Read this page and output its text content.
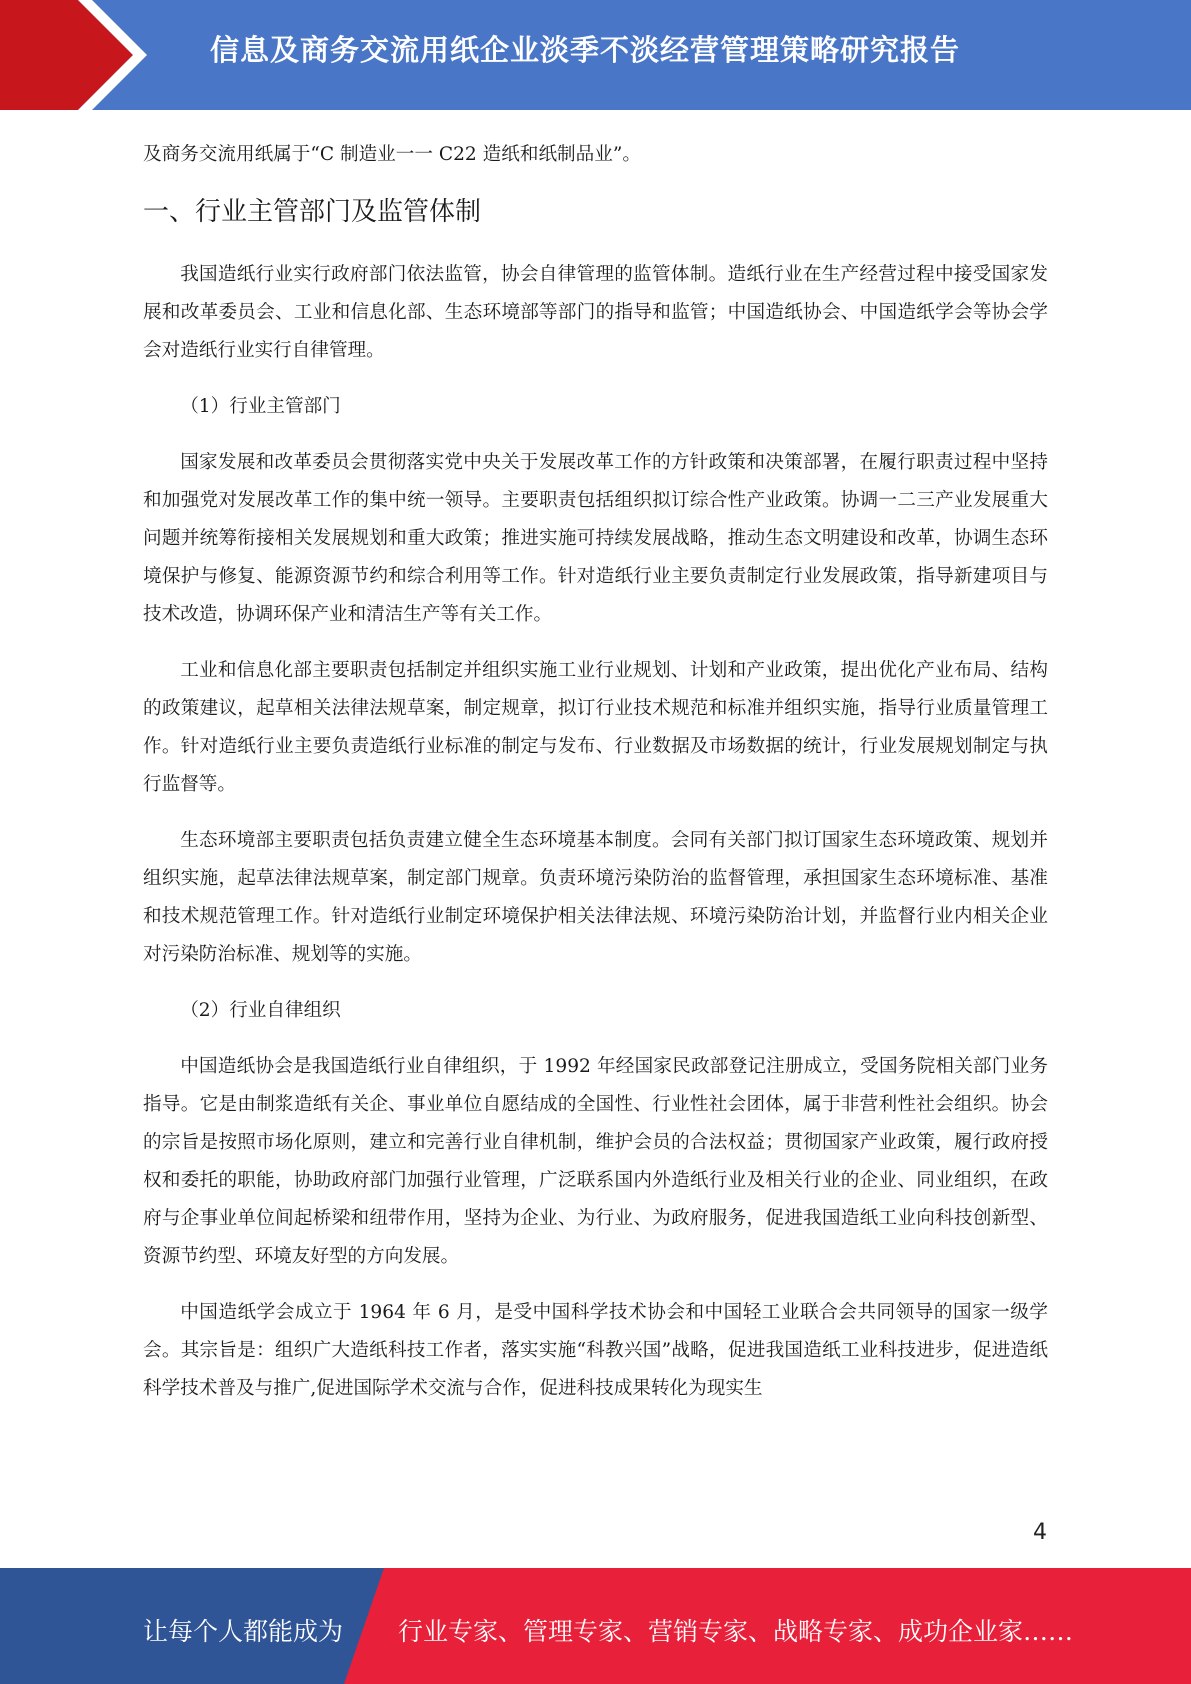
信息及商务交流用纸企业淡季不淡经营管理策略研究报告

及商务交流用纸属于“C 制造业一一 C22 造纸和纸制品业”。

一、行业主管部门及监管体制

我国造纸行业实行政府部门依法监管，协会自律管理的监管体制。造纸行业在生产经营过程中接受国家发展和改革委员会、工业和信息化部、生态环境部等部门的指导和监管；中国造纸协会、中国造纸学会等协会学会对造纸行业实行自律管理。

（1）行业主管部门

国家发展和改革委员会贯彻落实党中央关于发展改革工作的方针政策和决策部署，在履行职责过程中坚持和加强党对发展改革工作的集中统一领导。主要职责包括组织拟订综合性产业政策。协调一二三产业发展重大问题并统筹衔接相关发展规划和重大政策；推进实施可持续发展战略，推动生态文明建设和改革，协调生态环境保护与修复、能源资源节约和综合利用等工作。针对造纸行业主要负责制定行业发展政策，指导新建项目与技术改造，协调环保产业和清洁生产等有关工作。

工业和信息化部主要职责包括制定并组织实施工业行业规划、计划和产业政策，提出优化产业布局、结构的政策建议，起草相关法律法规草案，制定规章，拟订行业技术规范和标准并组织实施，指导行业质量管理工作。针对造纸行业主要负责造纸行业标准的制定与发布、行业数据及市场数据的统计，行业发展规划制定与执行监督等。

生态环境部主要职责包括负责建立健全生态环境基本制度。会同有关部门拟订国家生态环境政策、规划并组织实施，起草法律法规草案，制定部门规章。负责环境污染防治的监督管理，承担国家生态环境标准、基准和技术规范管理工作。针对造纸行业制定环境保护相关法律法规、环境污染防治计划，并监督行业内相关企业对污染防治标准、规划等的实施。

（2）行业自律组织

中国造纸协会是我国造纸行业自律组织，于 1992 年经国家民政部登记注册成立，受国务院相关部门业务指导。它是由制浆造纸有关企、事业单位自愿结成的全国性、行业性社会团体，属于非营利性社会组织。协会的宗旨是按照市场化原则，建立和完善行业自律机制，维护会员的合法权益；贯彻国家产业政策，履行政府授权和委托的职能，协助政府部门加强行业管理，广泛联系国内外造纸行业及相关行业的企业、同业组织，在政府与企事业单位间起桥梁和纽带作用，坚持为企业、为行业、为政府服务，促进我国造纸工业向科技创新型、资源节约型、环境友好型的方向发展。

中国造纸学会成立于 1964 年 6 月，是受中国科学技术协会和中国轻工业联合会共同领导的国家一级学会。其宗旨是：组织广大造纸科技工作者，落实实施“科教兴国”战略，促进我国造纸工业科技进步，促进造纸科学技术普及与推广,促进国际学术交流与合作，促进科技成果转化为现实生

4
让每个人都能成为 行业专家、管理专家、营销专家、战略专家、成功企业家……
